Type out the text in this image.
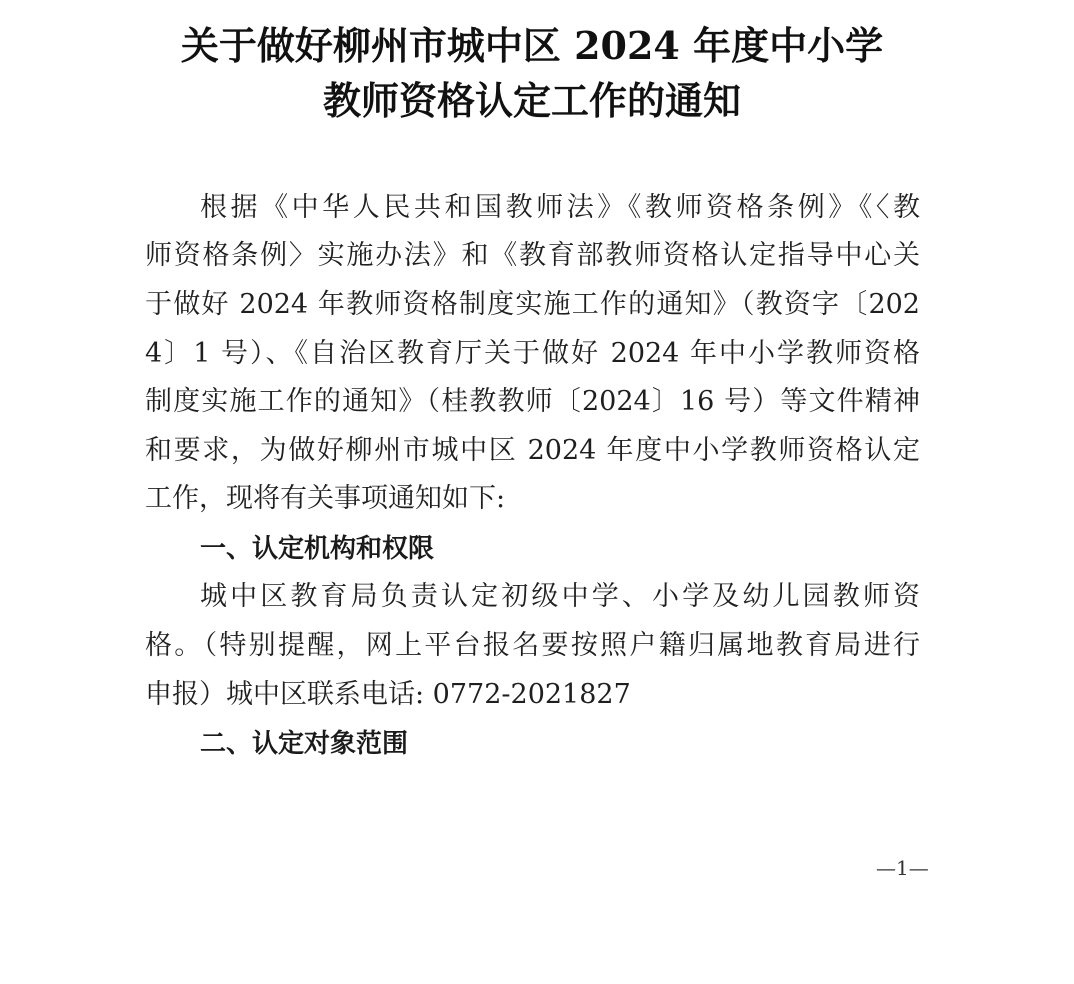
关于做好柳州市城中区 2024 年度中小学
教师资格认定工作的通知
根据《中华人民共和国教师法》《教师资格条例》《〈教
师资格条例〉实施办法》和《教育部教师资格认定指导中心关
于做好 2024 年教师资格制度实施工作的通知》（教资字〔202
4〕1 号）、《自治区教育厅关于做好 2024 年中小学教师资格
制度实施工作的通知》（桂教教师〔2024〕16 号）等文件精神
和要求，为做好柳州市城中区 2024 年度中小学教师资格认定
工作，现将有关事项通知如下:
一、认定机构和权限
城中区教育局负责认定初级中学、小学及幼儿园教师资
格。（特别提醒，网上平台报名要按照户籍归属地教育局进行
申报）城中区联系电话: 0772-2021827
二、认定对象范围
—1—
